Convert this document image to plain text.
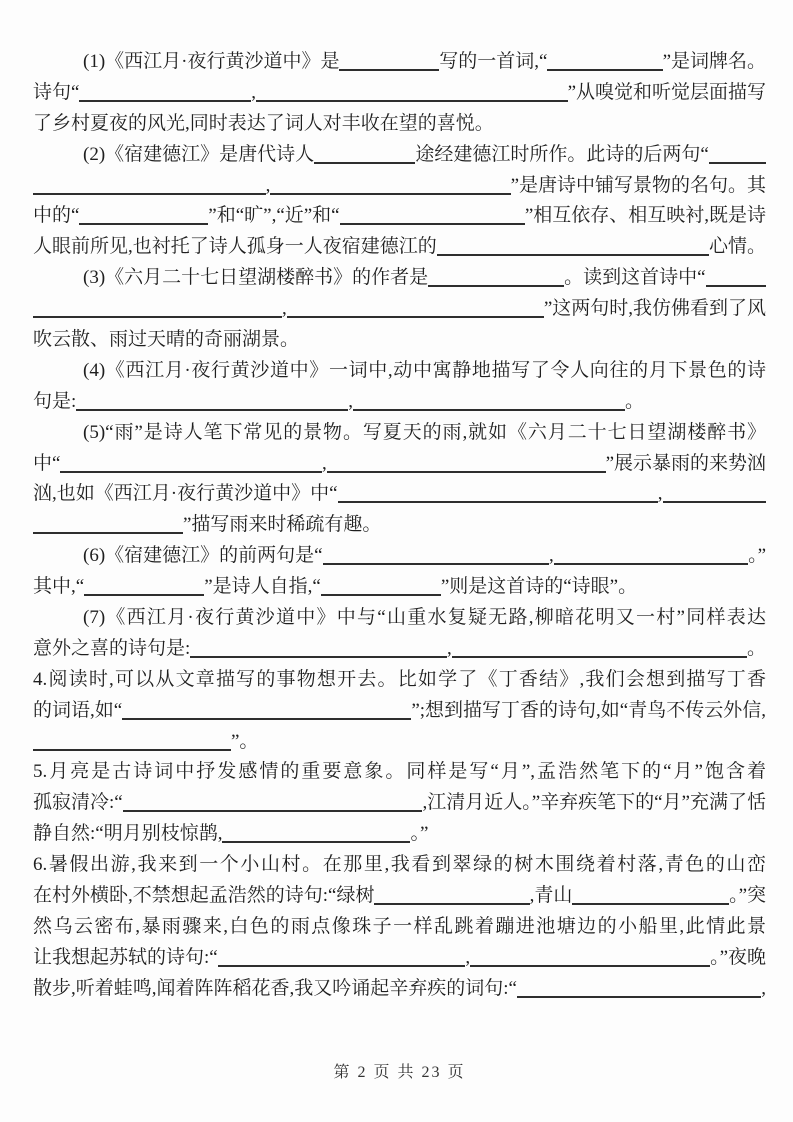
(1)《西江月·夜行黄沙道中》是	写的一首词,“	”是词牌名。
诗句“	,	”从嗅觉和听觉层面描写
了乡村夏夜的风光,同时表达了词人对丰收在望的喜悦。
(2)《宿建德江》是唐代诗人	途经建德江时所作。此诗的后两句“
,	”是唐诗中铺写景物的名句。其
中的“	”和“旷”,“近”和“	”相互依存、相互映衬,既是诗
人眼前所见,也衬托了诗人孤身一人夜宿建德江的	心情。
(3)《六月二十七日望湖楼醉书》的作者是	。读到这首诗中“
,	”这两句时,我仿佛看到了风
吹云散、雨过天晴的奇丽湖景。
(4)《西江月·夜行黄沙道中》一词中,动中寓静地描写了令人向往的月下景色的诗
句是:	,	。
(5)“雨”是诗人笔下常见的景物。写夏天的雨,就如《六月二十七日望湖楼醉书》
中“	,	”展示暴雨的来势汹
汹,也如《西江月·夜行黄沙道中》中“	,
”描写雨来时稀疏有趣。
(6)《宿建德江》的前两句是“	,	。”
其中,“	”是诗人自指,“	”则是这首诗的“诗眼”。
(7)《西江月·夜行黄沙道中》中与“山重水复疑无路,柳暗花明又一村”同样表达
意外之喜的诗句是:	,	。
4.阅读时,可以从文章描写的事物想开去。比如学了《丁香结》,我们会想到描写丁香
的词语,如“	”;想到描写丁香的诗句,如“青鸟不传云外信,
”。
5.月亮是古诗词中抒发感情的重要意象。同样是写“月”,孟浩然笔下的“月”饱含着
孤寂清冷:“	,江清月近人。”辛弃疾笔下的“月”充满了恬
静自然:“明月别枝惊鹊,	。”
6.暑假出游,我来到一个小山村。在那里,我看到翠绿的树木围绕着村落,青色的山峦
在村外横卧,不禁想起孟浩然的诗句:“绿树	,青山	。”突
然乌云密布,暴雨骤来,白色的雨点像珠子一样乱跳着蹦进池塘边的小船里,此情此景
让我想起苏轼的诗句:“	,	。”夜晚
散步,听着蛙鸣,闻着阵阵稻花香,我又吟诵起辛弃疾的词句:“	,
第 2 页 共 23 页
